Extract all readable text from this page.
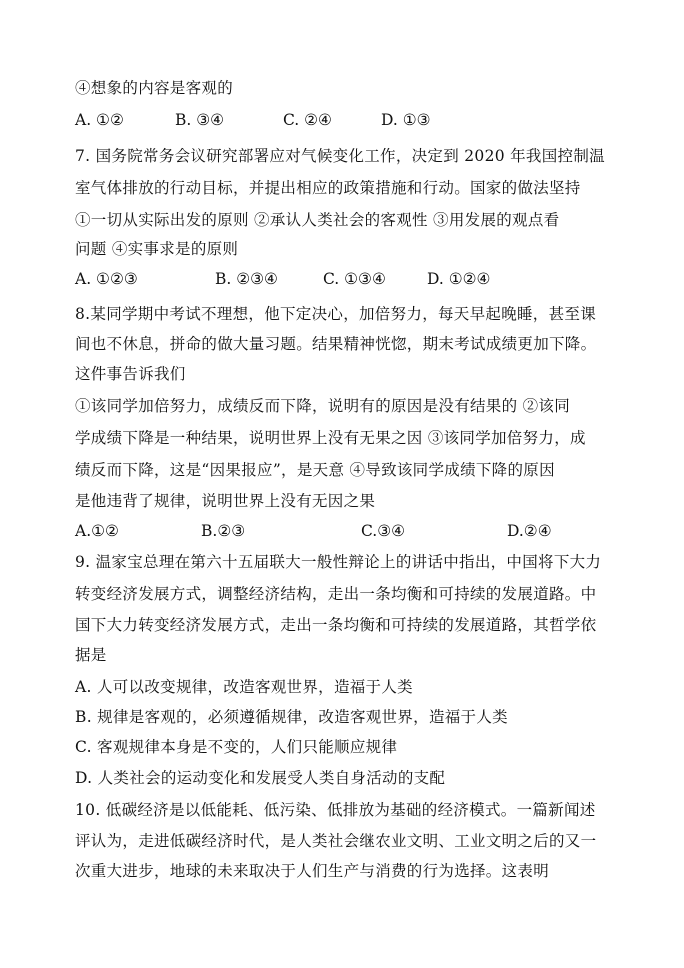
④想象的内容是客观的
A. ①②	B. ③④	C. ②④	D. ①③
7. 国务院常务会议研究部署应对气候变化工作，决定到 2020 年我国控制温
室气体排放的行动目标，并提出相应的政策措施和行动。国家的做法坚持
①一切从实际出发的原则 ②承认人类社会的客观性 ③用发展的观点看
问题 ④实事求是的原则
A. ①②③	B. ②③④	C. ①③④	D. ①②④
8.某同学期中考试不理想，他下定决心，加倍努力，每天早起晚睡，甚至课
间也不休息，拼命的做大量习题。结果精神恍惚，期末考试成绩更加下降。
这件事告诉我们
①该同学加倍努力，成绩反而下降，说明有的原因是没有结果的 ②该同
学成绩下降是一种结果，说明世界上没有无果之因 ③该同学加倍努力，成
绩反而下降，这是“因果报应”，是天意 ④导致该同学成绩下降的原因
是他违背了规律，说明世界上没有无因之果
A.①②	B.②③	C.③④	D.②④
9. 温家宝总理在第六十五届联大一般性辩论上的讲话中指出，中国将下大力
转变经济发展方式，调整经济结构，走出一条均衡和可持续的发展道路。中
国下大力转变经济发展方式，走出一条均衡和可持续的发展道路，其哲学依
据是
A. 人可以改变规律，改造客观世界，造福于人类
B. 规律是客观的，必须遵循规律，改造客观世界，造福于人类
C. 客观规律本身是不变的，人们只能顺应规律
D. 人类社会的运动变化和发展受人类自身活动的支配
10. 低碳经济是以低能耗、低污染、低排放为基础的经济模式。一篇新闻述
评认为，走进低碳经济时代，是人类社会继农业文明、工业文明之后的又一
次重大进步，地球的未来取决于人们生产与消费的行为选择。这表明
